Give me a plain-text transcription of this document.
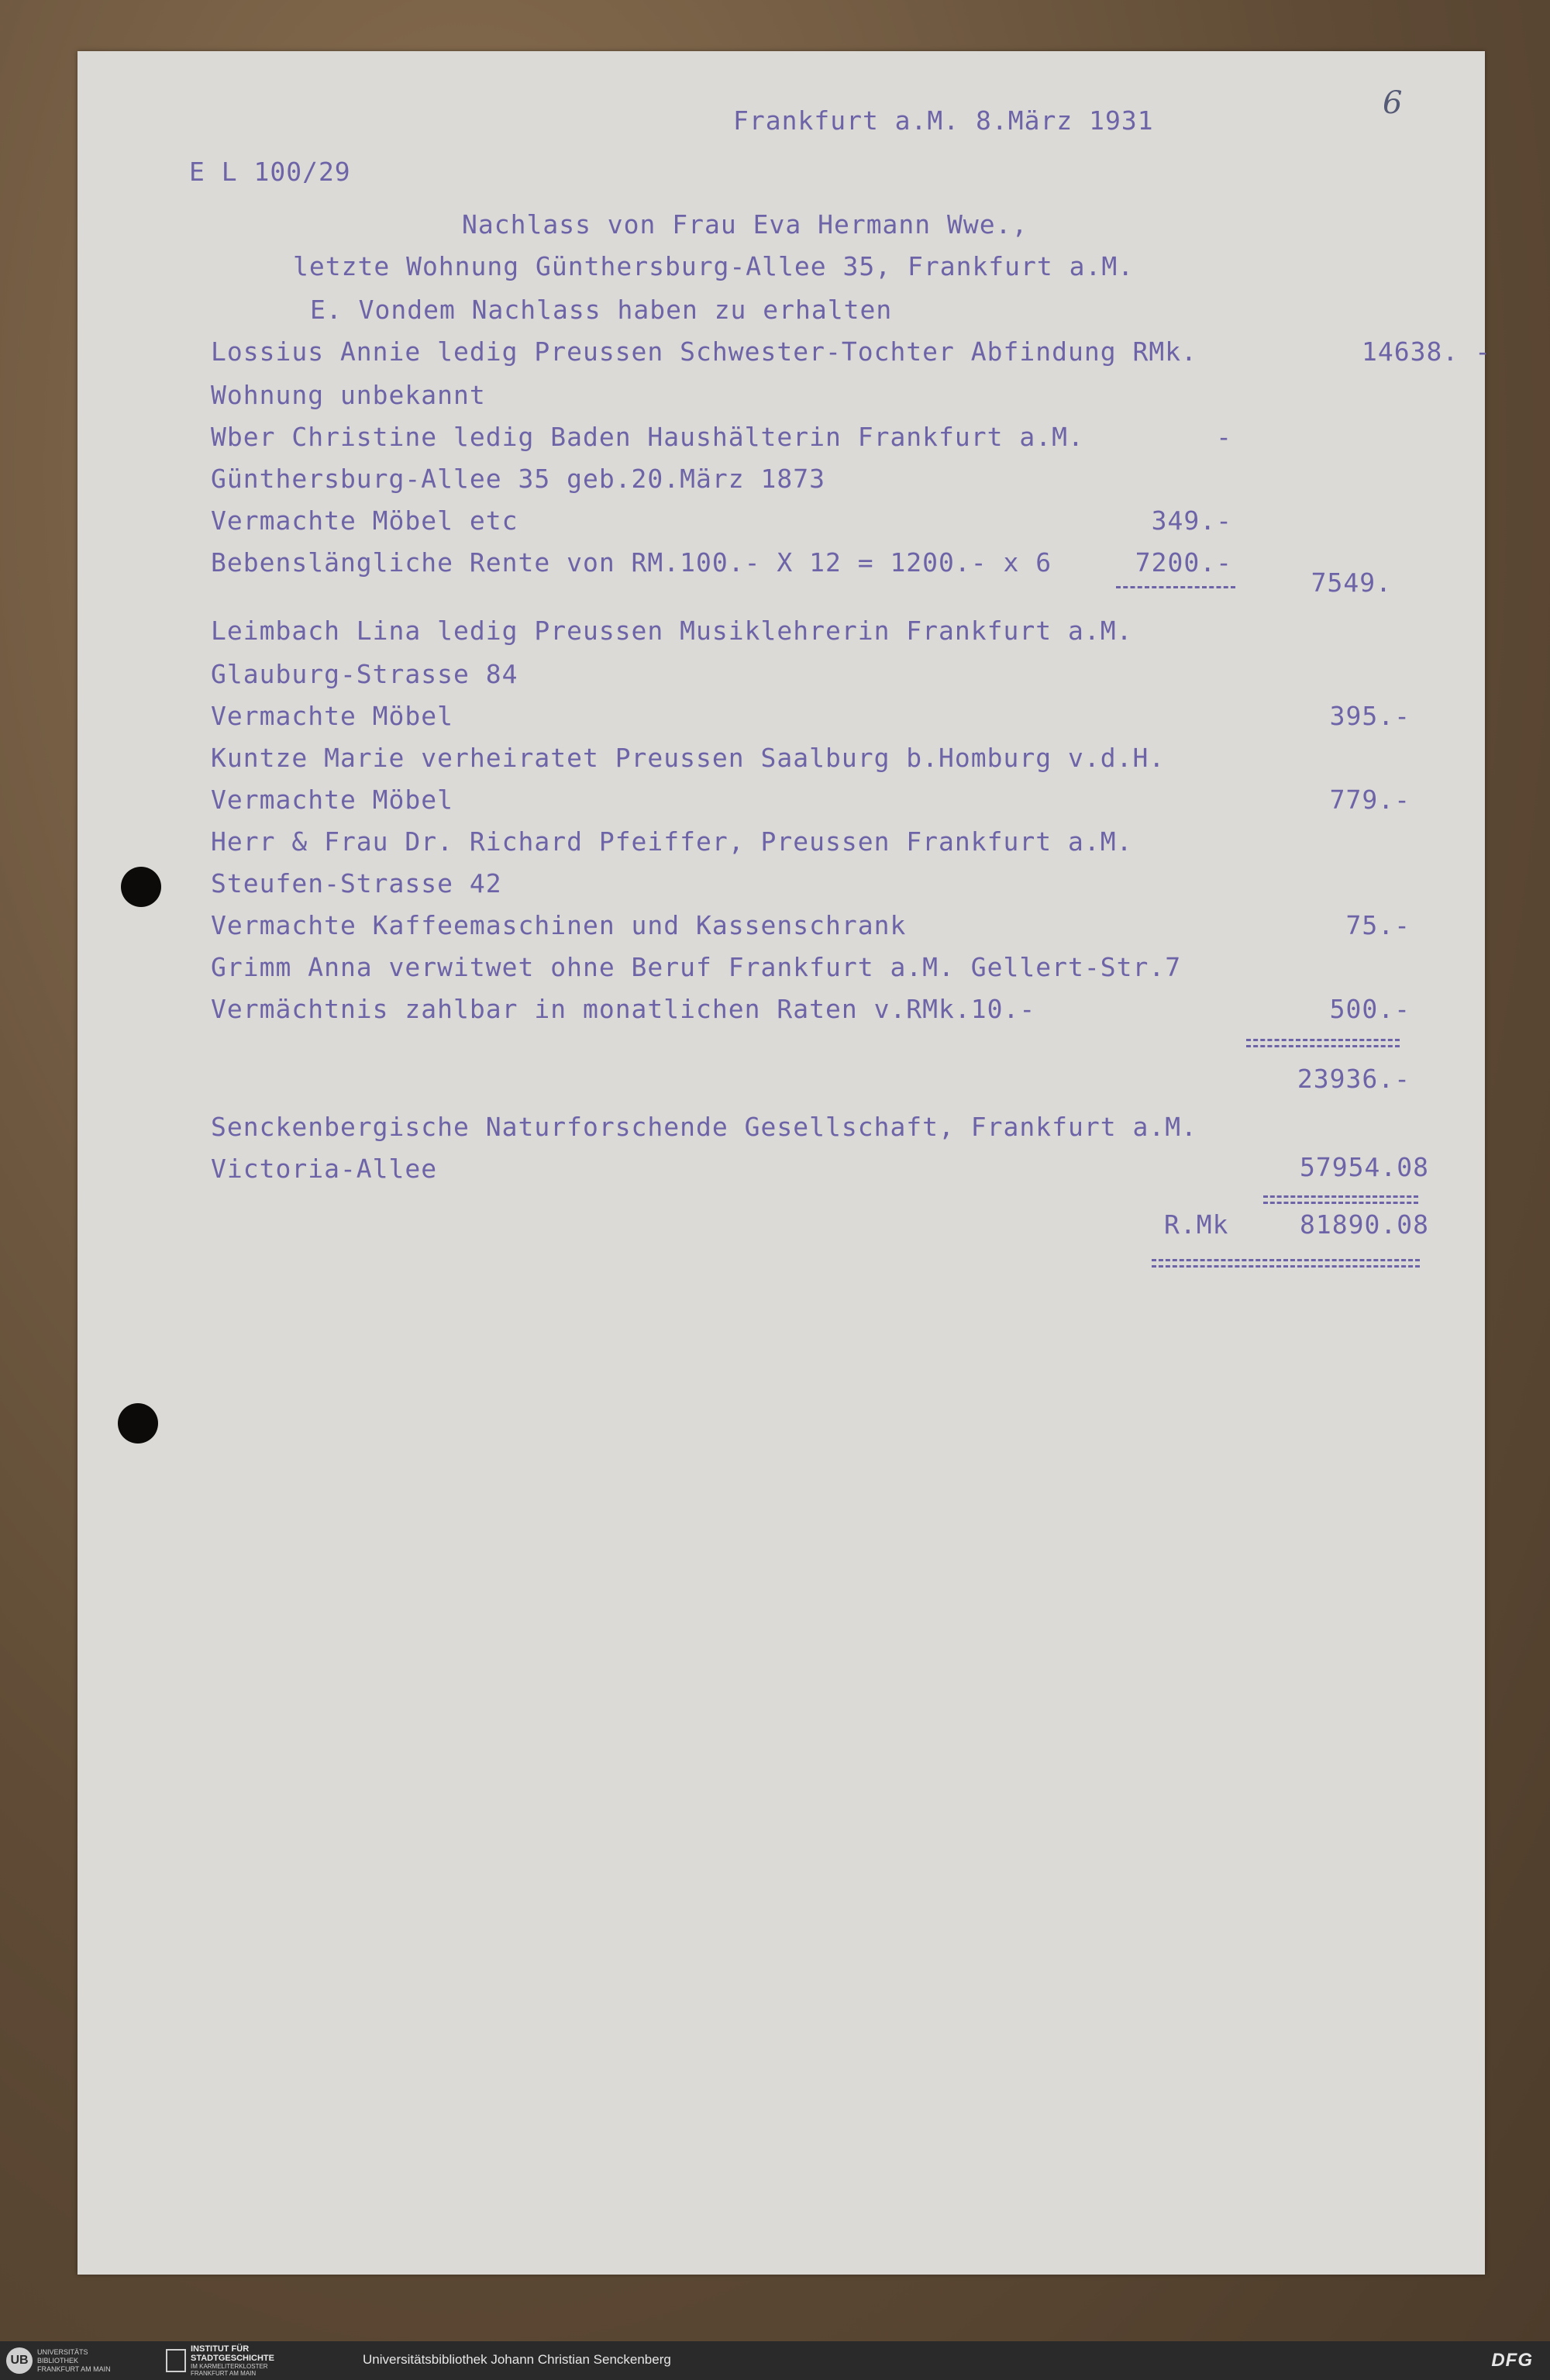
6
Frankfurt a.M. 8.März 1931
E L 100/29
Nachlass von Frau Eva Hermann Wwe.,
letzte Wohnung Günthersburg-Allee 35, Frankfurt a.M.
E. Vondem Nachlass haben zu erhalten
Lossius Annie ledig Preussen Schwester-Tochter Abfindung RMk.	14638. -
Wohnung unbekannt
Wber Christine ledig Baden Haushälterin Frankfurt a.M.	-
Günthersburg-Allee 35 geb.20.März 1873
Vermachte Möbel etc	349.-
Bebenslängliche Rente von RM.100.- X 12 = 1200.- x 6	7200.-
7549.
Leimbach Lina ledig Preussen Musiklehrerin Frankfurt a.M.
Glauburg-Strasse 84
Vermachte Möbel	395.-
Kuntze Marie verheiratet Preussen Saalburg b.Homburg v.d.H.
Vermachte Möbel	779.-
Herr & Frau Dr. Richard Pfeiffer, Preussen Frankfurt a.M.
Steufen-Strasse 42
Vermachte Kaffeemaschinen und Kassenschrank	75.-
Grimm Anna verwitwet ohne Beruf Frankfurt a.M. Gellert-Str.7
Vermächtnis zahlbar in monatlichen Raten v.RMk.10.-	500.-
23936.-
Senckenbergische Naturforschende Gesellschaft, Frankfurt a.M.
Victoria-Allee	57954.08
R.Mk	81890.08
UB
UNIVERSITÄTS
BIBLIOTHEK
FRANKFURT AM MAIN
INSTITUT FÜR
STADTGESCHICHTE
IM KARMELITERKLOSTER
FRANKFURT AM MAIN
Universitätsbibliothek Johann Christian Senckenberg	DFG
